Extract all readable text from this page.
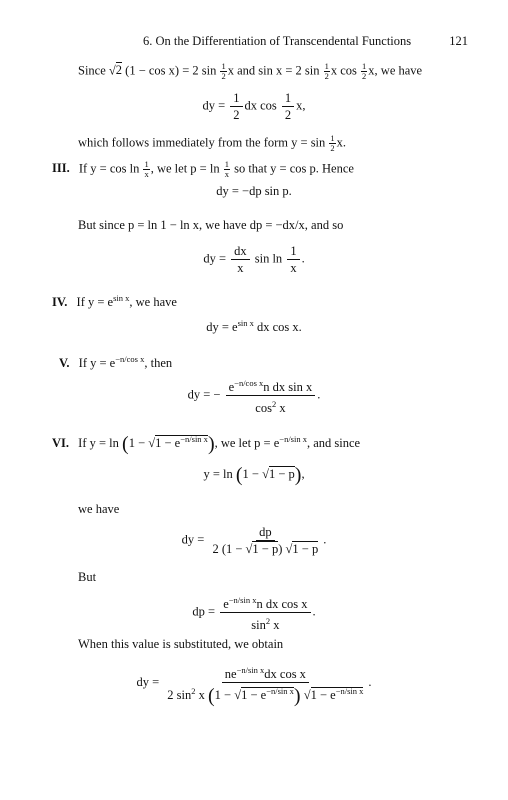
6. On the Differentiation of Transcendental Functions	121
Since √2 (1 − cos x) = 2 $\sin \frac{1}{2}$ x and sin x = 2 $\sin \frac{1}{2}$ x $\cos \frac{1}{2} x$, we have
dy = $\frac{1}{2}$ dx $\cos \frac{1}{2} x$,
which follows immediately from the form $y = \sin \frac{1}{2} x$.
III. If $y = \cos \ln \frac{1}{x}$ , we let $p = \ln \frac{1}{x}$ so that y = cos p. Hence
dy = −dp sin p.
But since p = ln 1 − ln x, we have dp = −dx/x, and so
dy = $\frac{dx}{x}$ $\sin \ln \frac{1}{x}$ .
IV. If $y = e^{sin x}$, we have
dy = $e^{sin x}$ dx cos x.
V. If $y = e^{-n/cos x}$, then
dy = − $\frac{e^{-n/cos x}n dx \sin x}{\cos^2 x}$ .
VI. If $y = \ln (1 - √1 - e^{-n/sin x})$, we let $p = e^{-n/sin x}$, and since
y = ln (1 − √1 − p),
we have
dy = $\frac{dp}{2 (1 - √1 - p) √1 - p}$ .
But
dp = $\frac{e^{-n/sin x}n dx \cos x}{\sin^2 x}$ .
When this value is substituted, we obtain
dy = $\frac{ne^{-n/sin x}dx \cos x}{2 \sin^2 x (1 - √1 - e^{-n/sin x}) √1 - e^{-n/sin x}}$ .
